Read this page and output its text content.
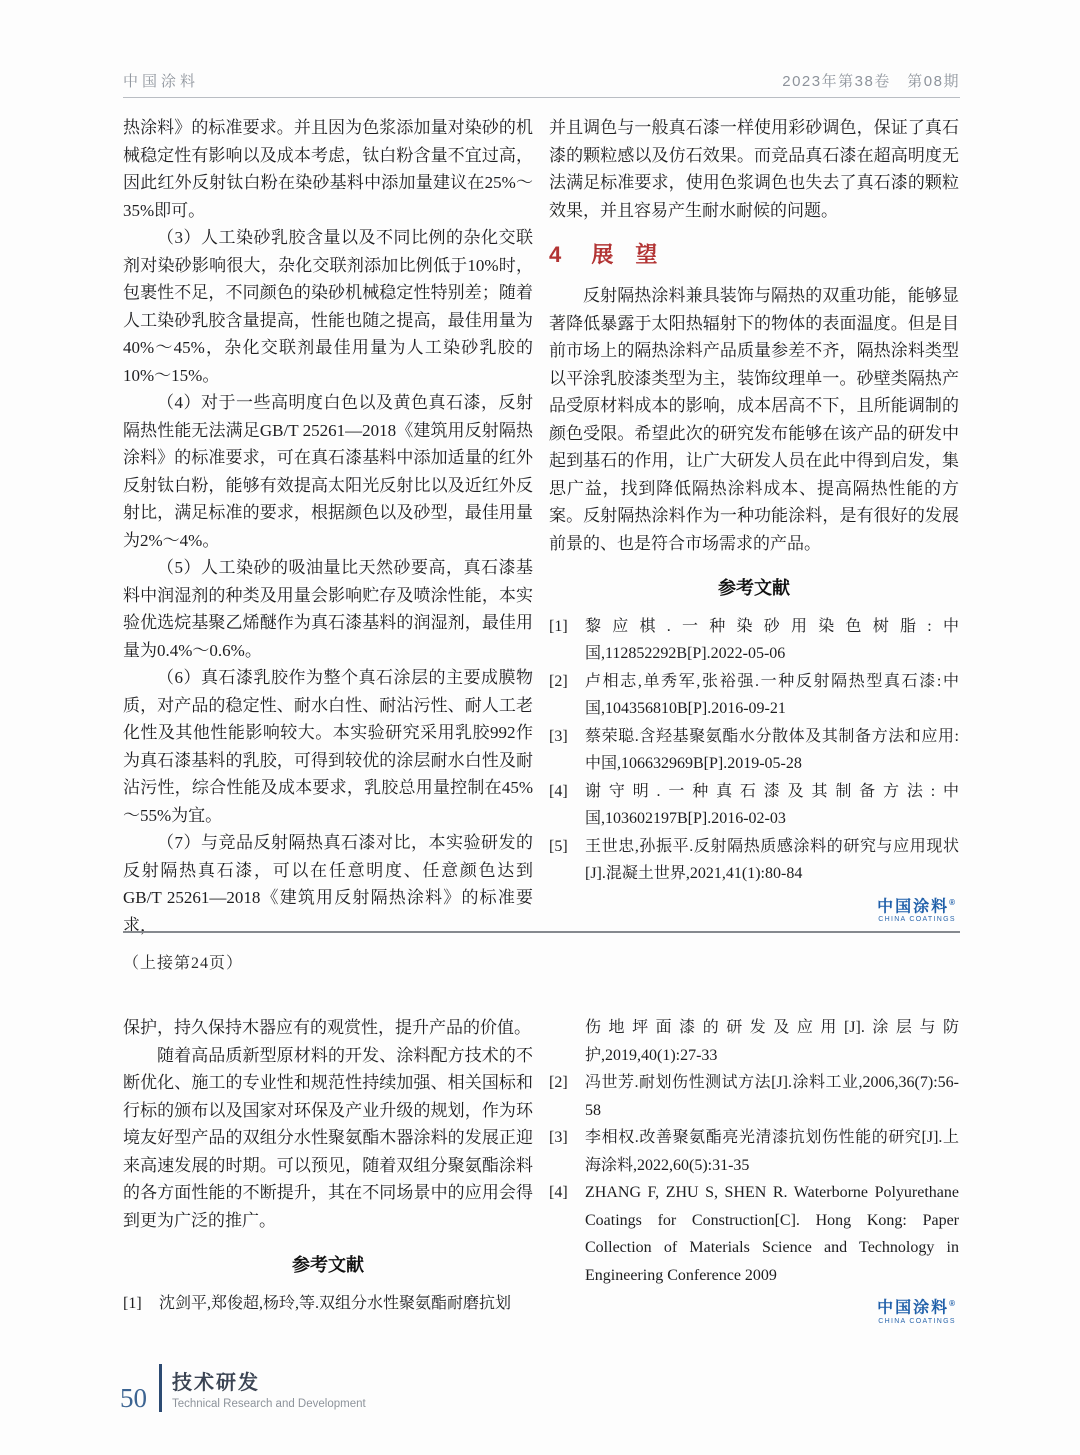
中国涂料	2023年第38卷　第08期

热涂料》的标准要求。并且因为色浆添加量对染砂的机械稳定性有影响以及成本考虑，钛白粉含量不宜过高，因此红外反射钛白粉在染砂基料中添加量建议在25%～35%即可。

（3）人工染砂乳胶含量以及不同比例的杂化交联剂对染砂影响很大，杂化交联剂添加比例低于10%时，包裹性不足，不同颜色的染砂机械稳定性特别差；随着人工染砂乳胶含量提高，性能也随之提高，最佳用量为40%～45%，杂化交联剂最佳用量为人工染砂乳胶的10%～15%。

（4）对于一些高明度白色以及黄色真石漆，反射隔热性能无法满足GB/T 25261—2018《建筑用反射隔热涂料》的标准要求，可在真石漆基料中添加适量的红外反射钛白粉，能够有效提高太阳光反射比以及近红外反射比，满足标准的要求，根据颜色以及砂型，最佳用量为2%～4%。

（5）人工染砂的吸油量比天然砂要高，真石漆基料中润湿剂的种类及用量会影响贮存及喷涂性能，本实验优选烷基聚乙烯醚作为真石漆基料的润湿剂，最佳用量为0.4%～0.6%。

（6）真石漆乳胶作为整个真石涂层的主要成膜物质，对产品的稳定性、耐水白性、耐沾污性、耐人工老化性及其他性能影响较大。本实验研究采用乳胶992作为真石漆基料的乳胶，可得到较优的涂层耐水白性及耐沾污性，综合性能及成本要求，乳胶总用量控制在45%～55%为宜。

（7）与竞品反射隔热真石漆对比，本实验研发的反射隔热真石漆，可以在任意明度、任意颜色达到GB/T 25261—2018《建筑用反射隔热涂料》的标准要求，

并且调色与一般真石漆一样使用彩砂调色，保证了真石漆的颗粒感以及仿石效果。而竞品真石漆在超高明度无法满足标准要求，使用色浆调色也失去了真石漆的颗粒效果，并且容易产生耐水耐候的问题。

4 展　望

反射隔热涂料兼具装饰与隔热的双重功能，能够显著降低暴露于太阳热辐射下的物体的表面温度。但是目前市场上的隔热涂料产品质量参差不齐，隔热涂料类型以平涂乳胶漆类型为主，装饰纹理单一。砂壁类隔热产品受原材料成本的影响，成本居高不下，且所能调制的颜色受限。希望此次的研究发布能够在该产品的研发中起到基石的作用，让广大研发人员在此中得到启发，集思广益，找到降低隔热涂料成本、提高隔热性能的方案。反射隔热涂料作为一种功能涂料，是有很好的发展前景的、也是符合市场需求的产品。

参考文献
[1]	黎应棋.一种染砂用染色树脂:中国,112852292B[P].2022-05-06
[2]	卢相志,单秀军,张裕强.一种反射隔热型真石漆:中国,104356810B[P].2016-09-21
[3]	蔡荣聪.含羟基聚氨酯水分散体及其制备方法和应用:中国,106632969B[P].2019-05-28
[4]	谢守明.一种真石漆及其制备方法:中国,103602197B[P].2016-02-03
[5]	王世忠,孙振平.反射隔热质感涂料的研究与应用现状[J].混凝土世界,2021,41(1):80-84
中国涂料®
CHINA COATINGS
（上接第24页）

保护，持久保持木器应有的观赏性，提升产品的价值。

随着高品质新型原材料的开发、涂料配方技术的不断优化、施工的专业性和规范性持续加强、相关国标和行标的颁布以及国家对环保及产业升级的规划，作为环境友好型产品的双组分水性聚氨酯木器涂料的发展正迎来高速发展的时期。可以预见，随着双组分聚氨酯涂料的各方面性能的不断提升，其在不同场景中的应用会得到更为广泛的推广。

参考文献
[1]	沈剑平,郑俊超,杨玲,等.双组分水性聚氨酯耐磨抗划
伤地坪面漆的研发及应用[J].涂层与防护,2019,40(1):27-33
[2]	冯世芳.耐划伤性测试方法[J].涂料工业,2006,36(7):56-58
[3]	李相权.改善聚氨酯亮光清漆抗划伤性能的研究[J].上海涂料,2022,60(5):31-35
[4]	ZHANG F, ZHU S, SHEN R. Waterborne Polyurethane Coatings for Construction[C]. Hong Kong: Paper Collection of Materials Science and Technology in Engineering Conference 2009
中国涂料®
CHINA COATINGS
50 技术研发
Technical Research and Development
